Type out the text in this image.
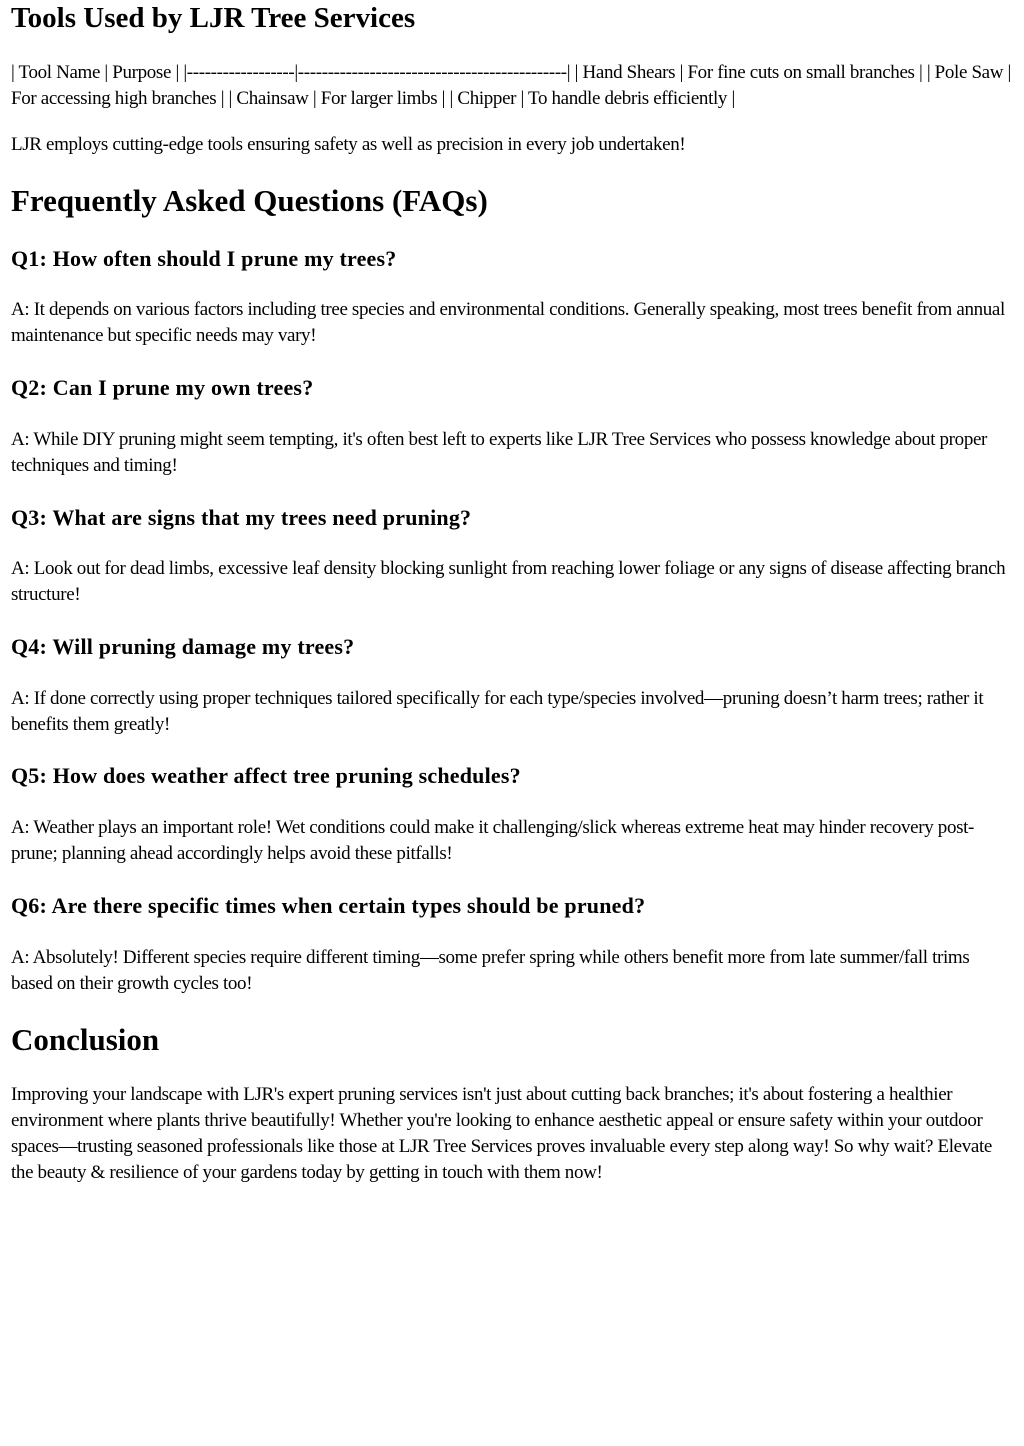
Tools Used by LJR Tree Services

| Tool Name | Purpose | |------------------|---------------------------------------------| | Hand Shears | For fine cuts on small branches | | Pole Saw | For accessing high branches | | Chainsaw | For larger limbs | | Chipper | To handle debris efficiently |

LJR employs cutting-edge tools ensuring safety as well as precision in every job undertaken!

Frequently Asked Questions (FAQs)
Q1: How often should I prune my trees?

A: It depends on various factors including tree species and environmental conditions. Generally speaking, most trees benefit from annual maintenance but specific needs may vary!

Q2: Can I prune my own trees?

A: While DIY pruning might seem tempting, it's often best left to experts like LJR Tree Services who possess knowledge about proper techniques and timing!

Q3: What are signs that my trees need pruning?

A: Look out for dead limbs, excessive leaf density blocking sunlight from reaching lower foliage or any signs of disease affecting branch structure!

Q4: Will pruning damage my trees?

A: If done correctly using proper techniques tailored specifically for each type/species involved—pruning doesn’t harm trees; rather it benefits them greatly!

Q5: How does weather affect tree pruning schedules?

A: Weather plays an important role! Wet conditions could make it challenging/slick whereas extreme heat may hinder recovery post-prune; planning ahead accordingly helps avoid these pitfalls!

Q6: Are there specific times when certain types should be pruned?

A: Absolutely! Different species require different timing—some prefer spring while others benefit more from late summer/fall trims based on their growth cycles too!

Conclusion

Improving your landscape with LJR's expert pruning services isn't just about cutting back branches; it's about fostering a healthier environment where plants thrive beautifully! Whether you're looking to enhance aesthetic appeal or ensure safety within your outdoor spaces—trusting seasoned professionals like those at LJR Tree Services proves invaluable every step along way! So why wait? Elevate the beauty & resilience of your gardens today by getting in touch with them now!
